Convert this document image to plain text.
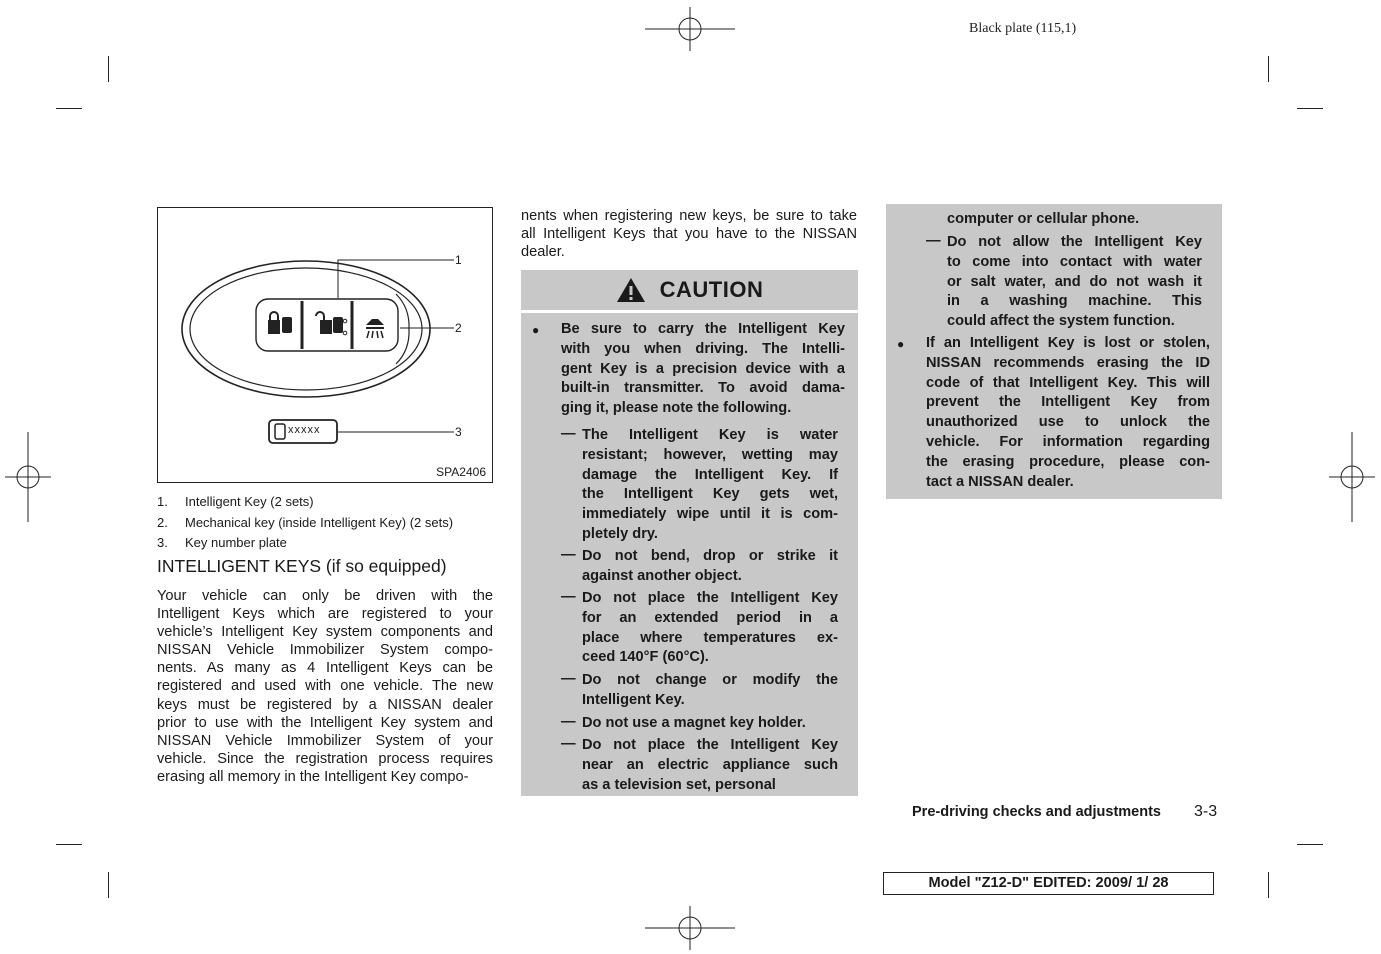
Black plate (115,1)
1
2
3
xxxxx
SPA2406
1. Intelligent Key (2 sets)
2. Mechanical key (inside Intelligent Key) (2 sets)
3. Key number plate
INTELLIGENT KEYS (if so equipped)
Your vehicle can only be driven with the
Intelligent Keys which are registered to your
vehicle’s Intelligent Key system components and
NISSAN Vehicle Immobilizer System compo-
nents. As many as 4 Intelligent Keys can be
registered and used with one vehicle. The new
keys must be registered by a NISSAN dealer
prior to use with the Intelligent Key system and
NISSAN Vehicle Immobilizer System of your
vehicle. Since the registration process requires
erasing all memory in the Intelligent Key compo-
nents when registering new keys, be sure to take
all Intelligent Keys that you have to the NISSAN
dealer.
CAUTION
● Be sure to carry the Intelligent Key
with you when driving. The Intelli-
gent Key is a precision device with a
built-in transmitter. To avoid dama-
ging it, please note the following.
— The Intelligent Key is water
resistant; however, wetting may
damage the Intelligent Key. If
the Intelligent Key gets wet,
immediately wipe until it is com-
pletely dry.
— Do not bend, drop or strike it
against another object.
— Do not place the Intelligent Key
for an extended period in a
place where temperatures ex-
ceed 140°F (60°C).
— Do not change or modify the
Intelligent Key.
— Do not use a magnet key holder.
— Do not place the Intelligent Key
near an electric appliance such
as a television set, personal
computer or cellular phone.
— Do not allow the Intelligent Key
to come into contact with water
or salt water, and do not wash it
in a washing machine. This
could affect the system function.
● If an Intelligent Key is lost or stolen,
NISSAN recommends erasing the ID
code of that Intelligent Key. This will
prevent the Intelligent Key from
unauthorized use to unlock the
vehicle. For information regarding
the erasing procedure, please con-
tact a NISSAN dealer.
Pre-driving checks and adjustments 3-3
Model "Z12-D" EDITED: 2009/ 1/ 28
